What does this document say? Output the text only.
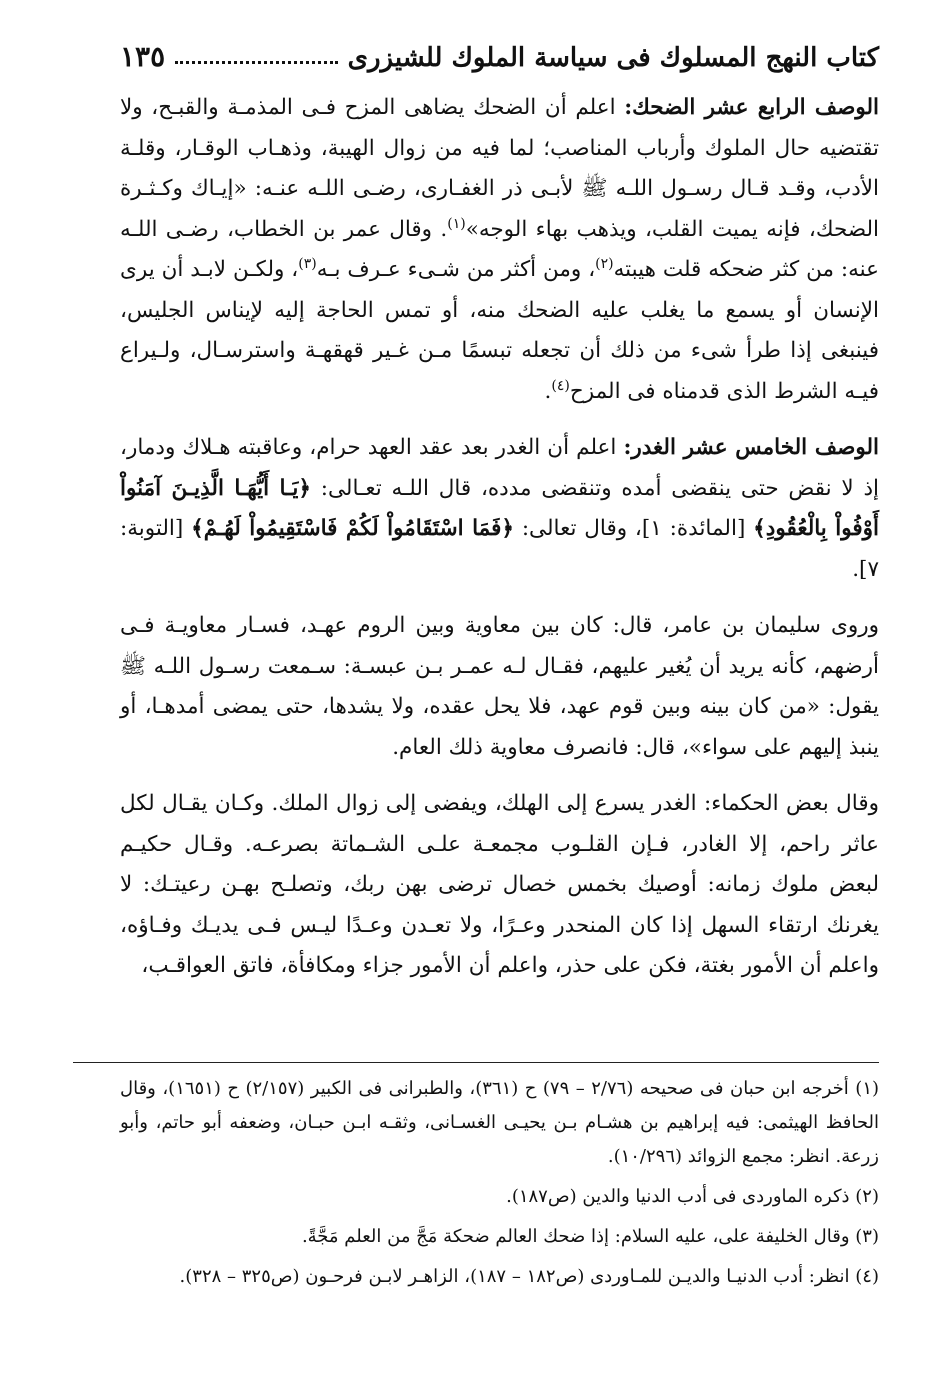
كتاب النهج المسلوك فى سياسة الملوك للشيزرى
١٣٥

الوصف الرابع عشر الضحك: اعلم أن الضحك يضاهى المزح فـى المذمـة والقبـح، ولا تقتضيه حال الملوك وأرباب المناصب؛ لما فيه من زوال الهيبة، وذهـاب الوقـار، وقلـة الأدب، وقـد قـال رسـول اللـه ﷺ لأبـى ذر الغفـارى، رضـى اللـه عنـه: «إيـاك وكـثـرة الضحك، فإنه يميت القلب، ويذهب بهاء الوجه»$^{(١)}$. وقال عمر بن الخطاب، رضـى اللـه عنه: من كثر ضحكه قلت هيبته$^{(٢)}$، ومن أكثر من شـىء عـرف بـه$^{(٣)}$، ولكـن لابـد أن يرى الإنسان أو يسمع ما يغلب عليه الضحك منه، أو تمس الحاجة إليه لإيناس الجليس، فينبغى إذا طرأ شىء من ذلك أن تجعله تبسمًا مـن غـير قهقهـة واسترسـال، ولـيراع فيـه الشرط الذى قدمناه فى المزح$^{(٤)}$.

الوصف الخامس عشر الغدر: اعلم أن الغدر بعد عقد العهد حرام، وعاقبته هـلاك ودمار، إذ لا نقض حتى ينقضى أمده وتنقضى مدده، قال اللـه تعـالى: ﴿يَـا أَيُّهَـا الَّذِيـنَ آمَنُواْ أَوْفُواْ بِالْعُقُودِ﴾ [المائدة: ١]، وقال تعالى: ﴿فَمَا اسْتَقَامُواْ لَكُمْ فَاسْتَقِيمُواْ لَهُـمْ﴾ [التوبة: ٧].

وروى سليمان بن عامر، قال: كان بين معاوية وبين الروم عهـد، فسـار معاويـة فـى أرضهم، كأنه يريد أن يُغير عليهم، فقـال لـه عمـر بـن عبسـة: سـمعت رسـول اللـه ﷺ يقول: «من كان بينه وبين قوم عهد، فلا يحل عقده، ولا يشدها، حتى يمضى أمدهـا، أو ينبذ إليهم على سواء»، قال: فانصرف معاوية ذلك العام.

وقال بعض الحكماء: الغدر يسرع إلى الهلك، ويفضى إلى زوال الملك. وكـان يقـال لكل عاثر راحم، إلا الغادر، فـإن القلـوب مجمعـة علـى الشـماتة بصرعـه. وقـال حكيـم لبعض ملوك زمانه: أوصيك بخمس خصال ترضى بهن ربك، وتصلـح بهـن رعيتـك: لا يغرنك ارتقاء السهل إذا كان المنحدر وعـرًا، ولا تعـدن وعـدًا ليـس فـى يديـك وفـاؤه، واعلم أن الأمور بغتة، فكن على حذر، واعلم أن الأمور جزاء ومكافأة، فاتق العواقـب،

(١) أخرجه ابن حبان فى صحيحه (٢/٧٦ – ٧٩) ح (٣٦١)، والطبرانى فى الكبير (٢/١٥٧) ح (١٦٥١)، وقال الحافظ الهيثمى: فيه إبراهيم بن هشـام بـن يحيـى الغسـانى، وثقـه ابـن حبـان، وضعفه أبو حاتم، وأبو زرعة. انظر: مجمع الزوائد (١٠/٢٩٦).
(٢) ذكره الماوردى فى أدب الدنيا والدين (ص١٨٧).
(٣) وقال الخليفة على، عليه السلام: إذا ضحك العالم ضحكة مَجَّ من العلم مَجَّةً.
(٤) انظر: أدب الدنيـا والديـن للمـاوردى (ص١٨٢ – ١٨٧)، الزاهـر لابـن فرحـون (ص٣٢٥ – ٣٢٨).
